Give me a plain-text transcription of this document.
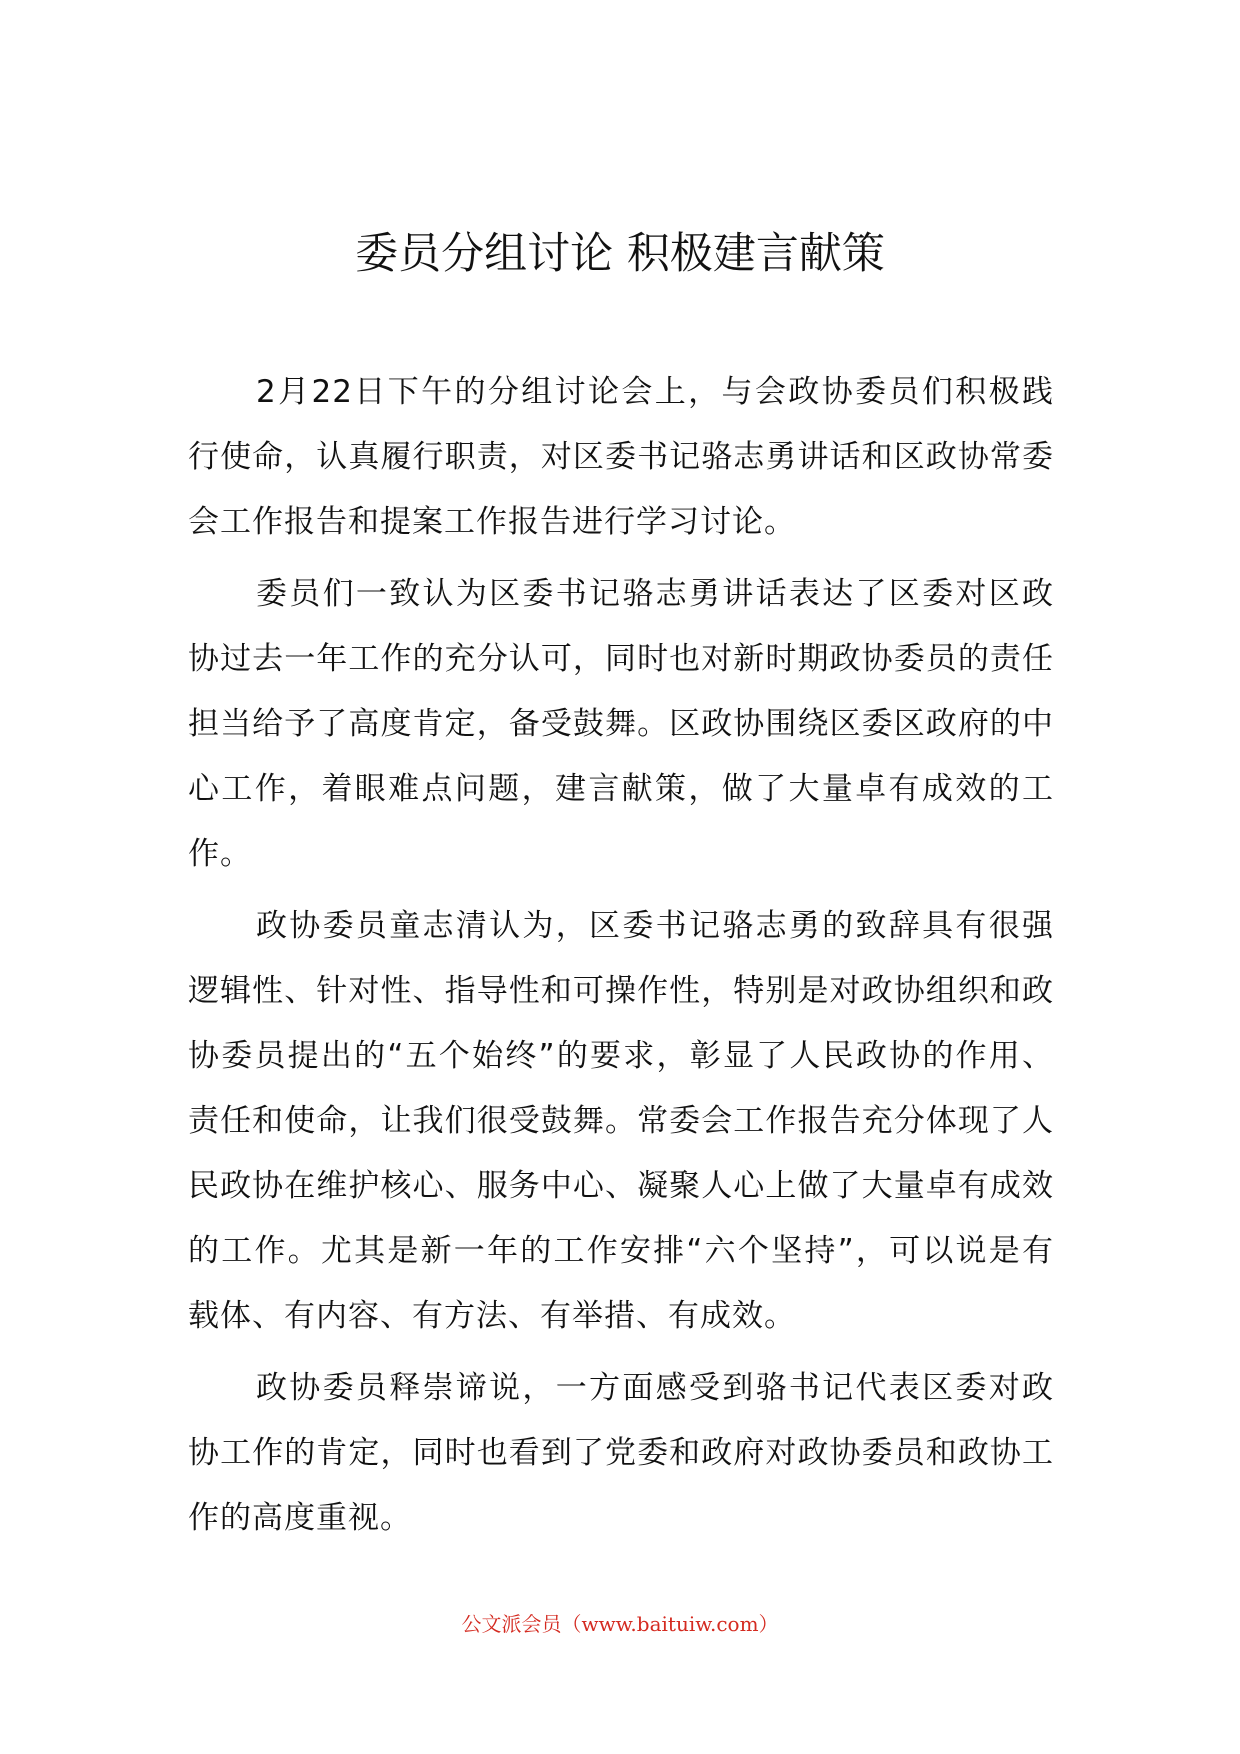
委员分组讨论 积极建言献策

2月22日下午的分组讨论会上，与会政协委员们积极践行使命，认真履行职责，对区委书记骆志勇讲话和区政协常委会工作报告和提案工作报告进行学习讨论。

委员们一致认为区委书记骆志勇讲话表达了区委对区政协过去一年工作的充分认可，同时也对新时期政协委员的责任担当给予了高度肯定，备受鼓舞。区政协围绕区委区政府的中心工作，着眼难点问题，建言献策，做了大量卓有成效的工作。

政协委员童志清认为，区委书记骆志勇的致辞具有很强逻辑性、针对性、指导性和可操作性，特别是对政协组织和政协委员提出的“五个始终”的要求，彰显了人民政协的作用、责任和使命，让我们很受鼓舞。常委会工作报告充分体现了人民政协在维护核心、服务中心、凝聚人心上做了大量卓有成效的工作。尤其是新一年的工作安排“六个坚持”，可以说是有载体、有内容、有方法、有举措、有成效。

政协委员释崇谛说，一方面感受到骆书记代表区委对政协工作的肯定，同时也看到了党委和政府对政协委员和政协工作的高度重视。

公文派会员（www.baituiw.com）
